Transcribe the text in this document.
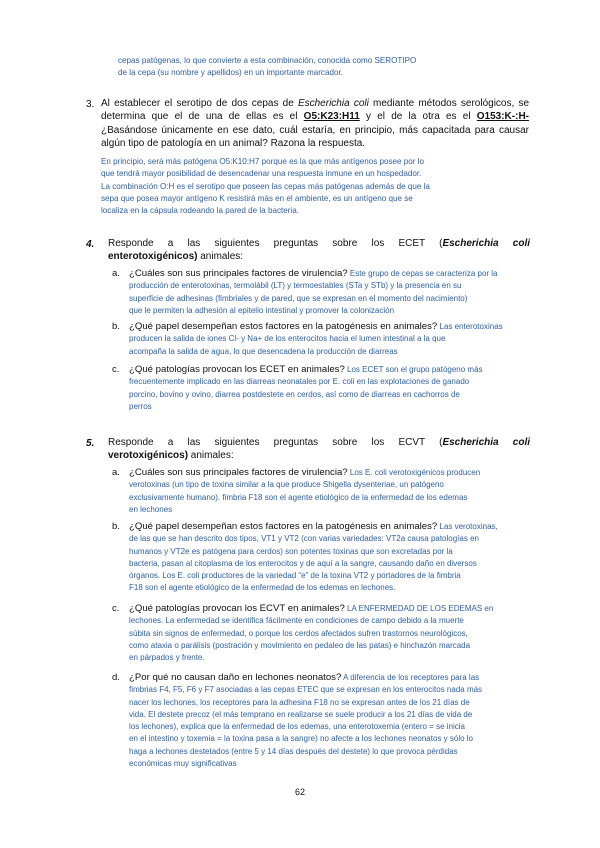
cepas patógenas, lo que convierte a esta combinación, conocida como SEROTIPO
de la cepa (su nombre y apellidos) en un importante marcador.
3. Al establecer el serotipo de dos cepas de Escherichia coli mediante métodos serológicos, se determina que el de una de ellas es el O5:K23:H11 y el de la otra es el O153:K-:H- ¿Basándose únicamente en ese dato, cuál estaría, en principio, más capacitada para causar algún tipo de patología en un animal? Razona la respuesta.
En principio, será más patógena O5:K10:H7 porque es la que más antígenos posee por lo
que tendrá mayor posibilidad de desencadenar una respuesta inmune en un hospedador.
La combinación O:H es el serotipo que poseen las cepas más patógenas además de que la
sepa que posea mayor antígeno K resistirá más en el ambiente, es un antígeno que se
localiza en la cápsula rodeando la pared de la bacteria.
4. Responde a las siguientes preguntas sobre los ECET (Escherichia coli
enterotoxigénicos) animales:
a. ¿Cuáles son sus principales factores de virulencia? Este grupo de cepas se caracteriza por la
producción de enterotoxinas, termolábil (LT) y termoestables (STa y STb) y la presencia en su
superficie de adhesinas (fimbriales y de pared, que se expresan en el momento del nacimiento)
que le permiten la adhesión al epitelio intestinal y promover la colonización
b. ¿Qué papel desempeñan estos factores en la patogénesis en animales? Las enterotoxinas
producen la salida de iones Cl- y Na+ de los enterocitos hacia el lumen intestinal a la que
acompaña la salida de agua, lo que desencadena la producción de diarreas
c. ¿Qué patologías provocan los ECET en animales? Los ECET son el grupo patógeno más
frecuentemente implicado en las diarreas neonatales por E. coli en las explotaciones de ganado
porcino, bovino y ovino, diarrea postdestete en cerdos, así como de diarreas en cachorros de
perros
5. Responde a las siguientes preguntas sobre los ECVT (Escherichia coli
verotoxigénicos) animales:
a. ¿Cuáles son sus principales factores de virulencia? Los E. coli verotoxigénicos producen
verotoxinas (un tipo de toxina similar a la que produce Shigella dysenteriae, un patógeno
exclusivamente humano). fimbria F18 son el agente etiológico de la enfermedad de los edemas
en lechones
b. ¿Qué papel desempeñan estos factores en la patogénesis en animales? Las verotoxinas,
de las que se han descrito dos tipos, VT1 y VT2 (con varias variedades: VT2a causa patologías en
humanos y VT2e es patógena para cerdos) son potentes toxinas que son excretadas por la
bacteria, pasan al citoplasma de los enterocitos y de aquí a la sangre, causando daño en diversos
órganos. Los E. coli productores de la variedad “e” de la toxina VT2 y portadores de la fimbria
F18 son el agente etiológico de la enfermedad de los edemas en lechones.
c. ¿Qué patologías provocan los ECVT en animales? LA ENFERMEDAD DE LOS EDEMAS en
lechones. La enfermedad se identifica fácilmente en condiciones de campo debido a la muerte
súbita sin signos de enfermedad, o porque los cerdos afectados sufren trastornos neurológicos,
como ataxia o parálisis (postración y movimiento en pedaleo de las patas) e hinchazón marcada
en párpados y frente.
d. ¿Por qué no causan daño en lechones neonatos? A diferencia de los receptores para las
fimbrias F4, F5, F6 y F7 asociadas a las cepas ETEC que se expresan en los enterocitos nada más
nacer los lechones, los receptores para la adhesina F18 no se expresan antes de los 21 días de
vida. El destete precoz (el más temprano en realizarse se suele producir a los 21 días de vida de
los lechones), explica que la enfermedad de los edemas, una enterotoxemia (entero = se inicia
en el intestino y toxemia = la toxina pasa a la sangre) no afecte a los lechones neonatos y sólo lo
haga a lechones destetados (entre 5 y 14 días después del destete) lo que provoca pérdidas
económicas muy significativas
62
